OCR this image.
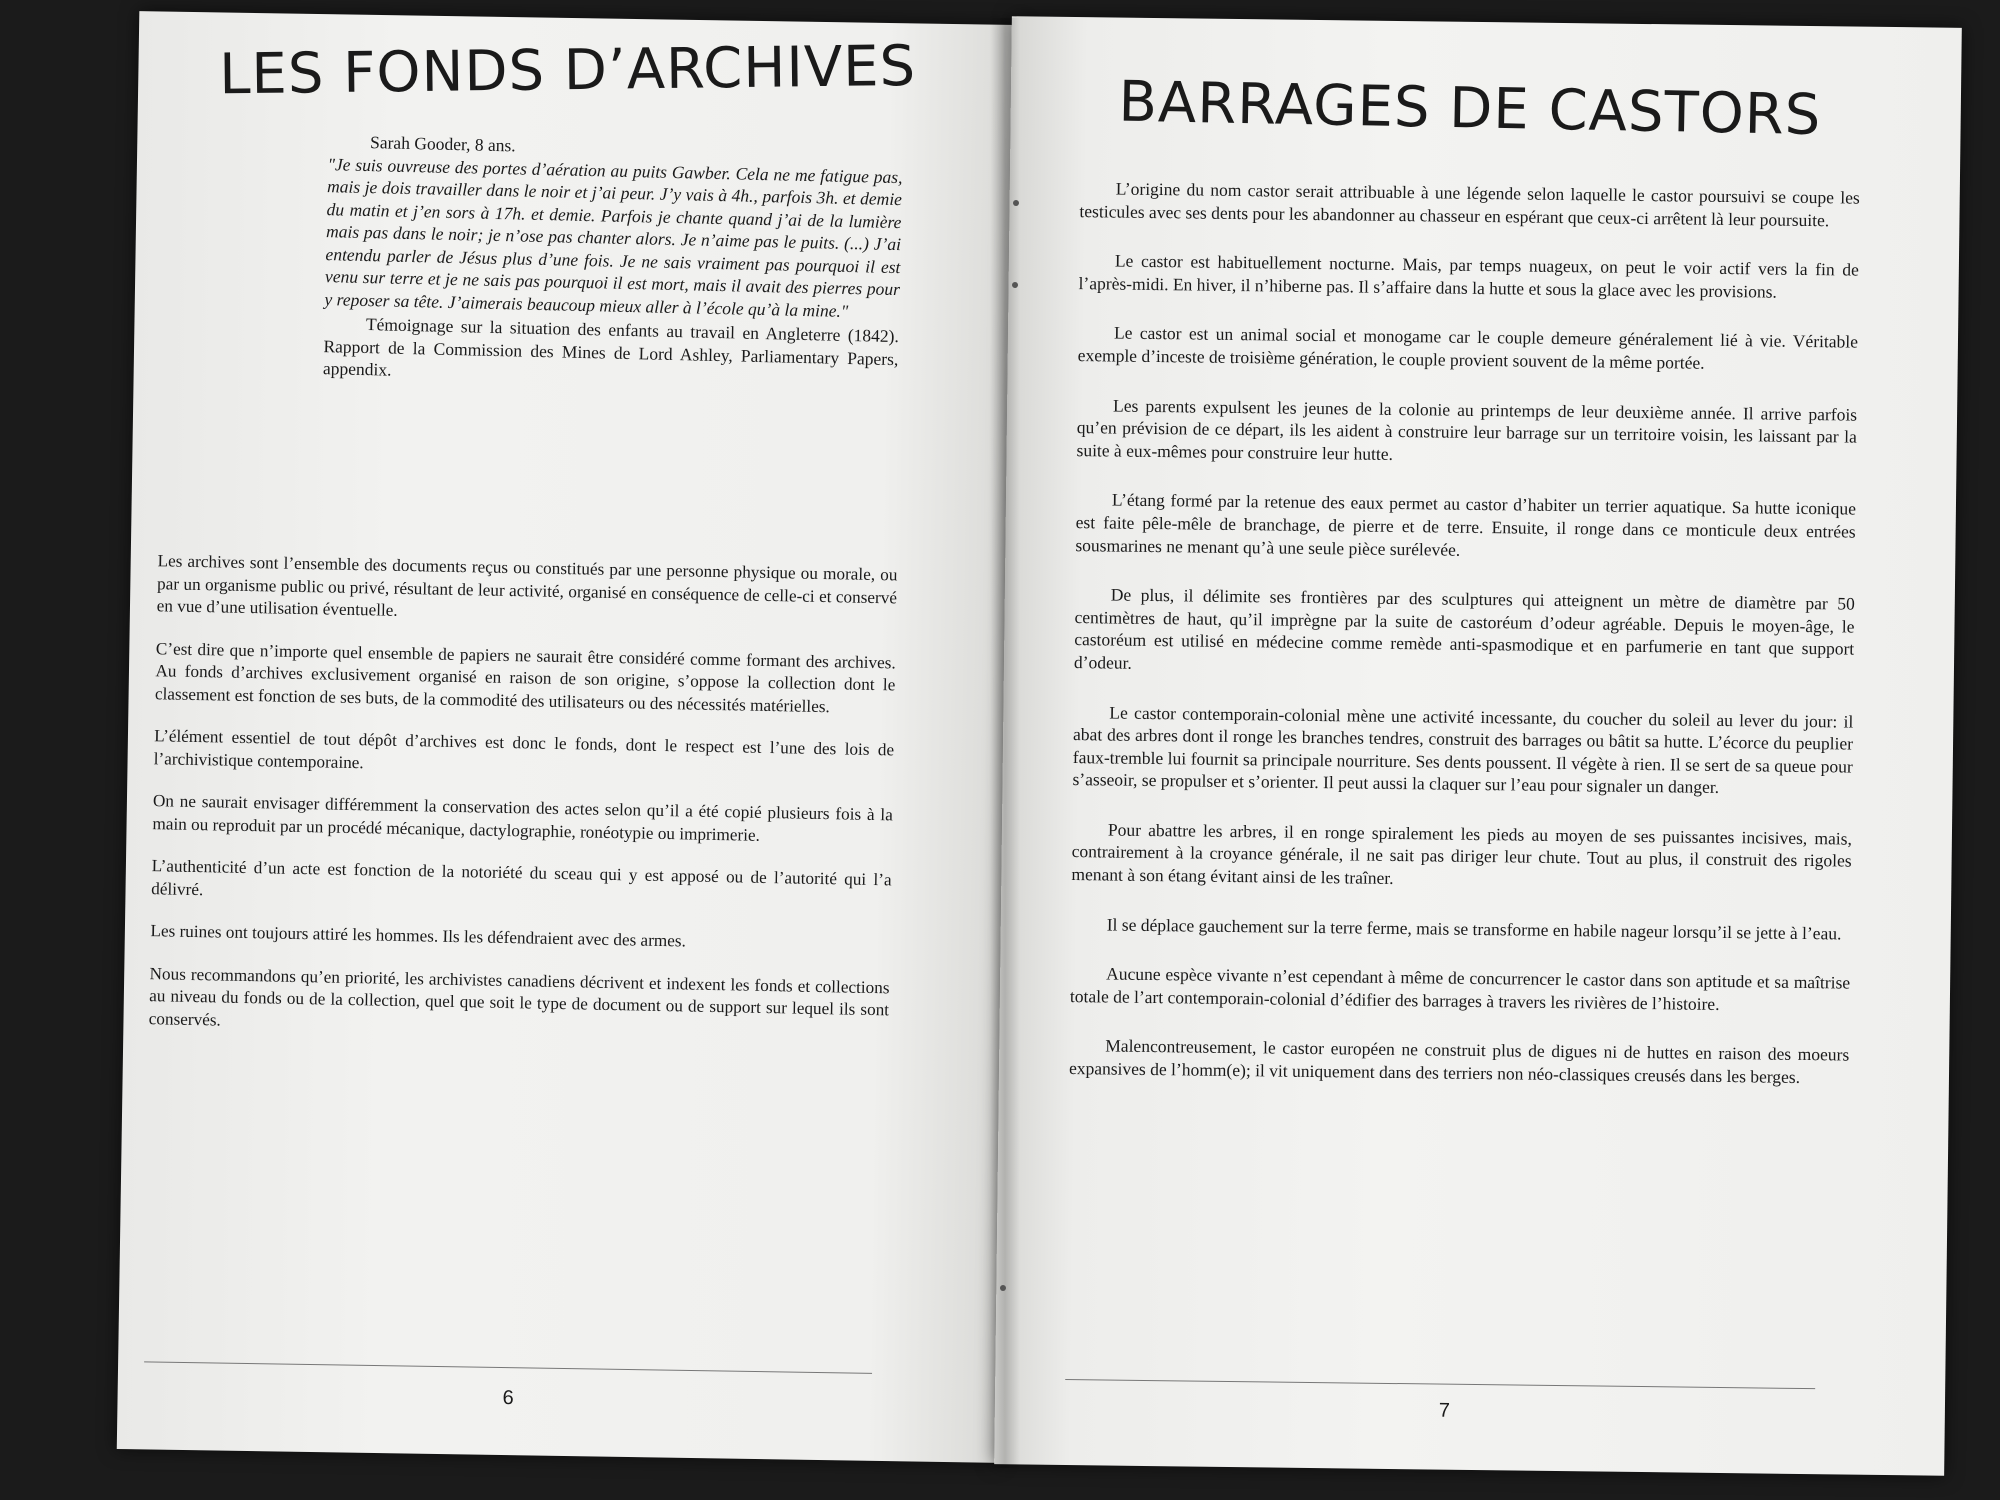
LES FONDS D’ARCHIVES

Sarah Gooder, 8 ans.

"Je suis ouvreuse des portes d’aération au puits Gawber. Cela ne me fatigue pas, mais je dois travailler dans le noir et j’ai peur. J’y vais à 4h., parfois 3h. et demie du matin et j’en sors à 17h. et demie. Parfois je chante quand j’ai de la lumière mais pas dans le noir; je n’ose pas chanter alors. Je n’aime pas le puits. (...) J’ai entendu parler de Jésus plus d’une fois. Je ne sais vraiment pas pourquoi il est venu sur terre et je ne sais pas pourquoi il est mort, mais il avait des pierres pour y reposer sa tête. J’aimerais beaucoup mieux aller à l’école qu’à la mine."

Témoignage sur la situation des enfants au travail en Angleterre (1842). Rapport de la Commission des Mines de Lord Ashley, Parliamentary Papers, appendix.

Les archives sont l’ensemble des documents reçus ou constitués par une personne physique ou morale, ou par un organisme public ou privé, résultant de leur activité, organisé en conséquence de celle-ci et conservé en vue d’une utilisation éventuelle.

C’est dire que n’importe quel ensemble de papiers ne saurait être considéré comme formant des archives. Au fonds d’archives exclusivement organisé en raison de son origine, s’oppose la collection dont le classement est fonction de ses buts, de la commodité des utilisateurs ou des nécessités matérielles.

L’élément essentiel de tout dépôt d’archives est donc le fonds, dont le respect est l’une des lois de l’archivistique contemporaine.

On ne saurait envisager différemment la conservation des actes selon qu’il a été copié plusieurs fois à la main ou reproduit par un procédé mécanique, dactylographie, ronéotypie ou imprimerie.

L’authenticité d’un acte est fonction de la notoriété du sceau qui y est apposé ou de l’autorité qui l’a délivré.

Les ruines ont toujours attiré les hommes. Ils les défendraient avec des armes.

Nous recommandons qu’en priorité, les archivistes canadiens décrivent et indexent les fonds et collections au niveau du fonds ou de la collection, quel que soit le type de document ou de support sur lequel ils sont conservés.

6
BARRAGES DE CASTORS

L’origine du nom castor serait attribuable à une légende selon laquelle le castor poursuivi se coupe les testicules avec ses dents pour les abandonner au chasseur en espérant que ceux-ci arrêtent là leur poursuite.

Le castor est habituellement nocturne. Mais, par temps nuageux, on peut le voir actif vers la fin de l’après-midi. En hiver, il n’hiberne pas. Il s’affaire dans la hutte et sous la glace avec les provisions.

Le castor est un animal social et monogame car le couple demeure généralement lié à vie. Véritable exemple d’inceste de troisième génération, le couple provient souvent de la même portée.

Les parents expulsent les jeunes de la colonie au printemps de leur deuxième année. Il arrive parfois qu’en prévision de ce départ, ils les aident à construire leur barrage sur un territoire voisin, les laissant par la suite à eux-mêmes pour construire leur hutte.

L’étang formé par la retenue des eaux permet au castor d’habiter un terrier aquatique. Sa hutte iconique est faite pêle-mêle de branchage, de pierre et de terre. Ensuite, il ronge dans ce monticule deux entrées sousmarines ne menant qu’à une seule pièce surélevée.

De plus, il délimite ses frontières par des sculptures qui atteignent un mètre de diamètre par 50 centimètres de haut, qu’il imprègne par la suite de castoréum d’odeur agréable. Depuis le moyen-âge, le castoréum est utilisé en médecine comme remède anti-spasmodique et en parfumerie en tant que support d’odeur.

Le castor contemporain-colonial mène une activité incessante, du coucher du soleil au lever du jour: il abat des arbres dont il ronge les branches tendres, construit des barrages ou bâtit sa hutte. L’écorce du peuplier faux-tremble lui fournit sa principale nourriture. Ses dents poussent. Il végète à rien. Il se sert de sa queue pour s’asseoir, se propulser et s’orienter. Il peut aussi la claquer sur l’eau pour signaler un danger.

Pour abattre les arbres, il en ronge spiralement les pieds au moyen de ses puissantes incisives, mais, contrairement à la croyance générale, il ne sait pas diriger leur chute. Tout au plus, il construit des rigoles menant à son étang évitant ainsi de les traîner.

Il se déplace gauchement sur la terre ferme, mais se transforme en habile nageur lorsqu’il se jette à l’eau.

Aucune espèce vivante n’est cependant à même de concurrencer le castor dans son aptitude et sa maîtrise totale de l’art contemporain-colonial d’édifier des barrages à travers les rivières de l’histoire.

Malencontreusement, le castor européen ne construit plus de digues ni de huttes en raison des moeurs expansives de l’homm(e); il vit uniquement dans des terriers non néo-classiques creusés dans les berges.

7
